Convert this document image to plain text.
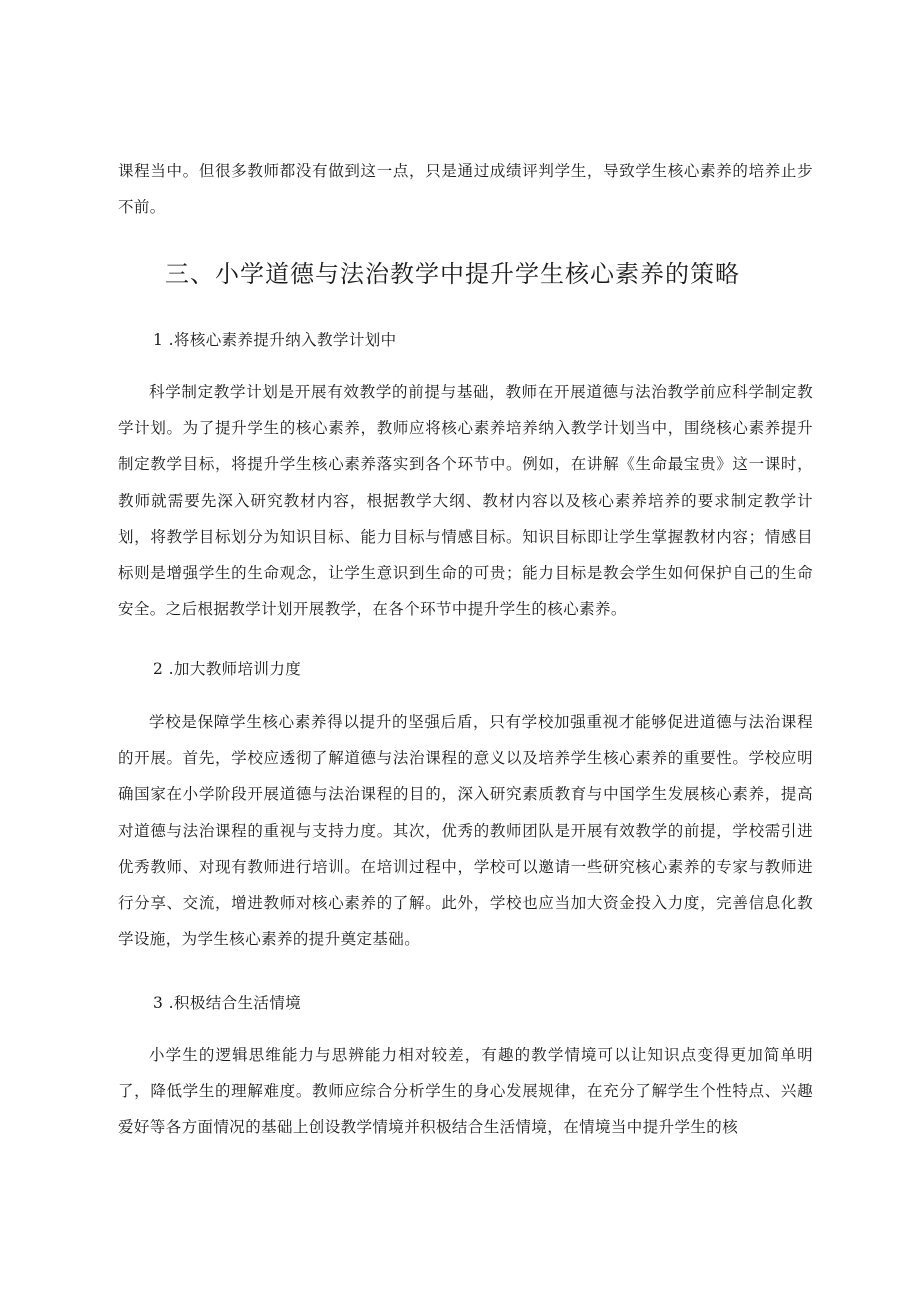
课程当中。但很多教师都没有做到这一点，只是通过成绩评判学生，导致学生核心素养的培养止步不前。

三、小学道德与法治教学中提升学生核心素养的策略

1 .将核心素养提升纳入教学计划中

科学制定教学计划是开展有效教学的前提与基础，教师在开展道德与法治教学前应科学制定教学计划。为了提升学生的核心素养，教师应将核心素养培养纳入教学计划当中，围绕核心素养提升制定教学目标，将提升学生核心素养落实到各个环节中。例如，在讲解《生命最宝贵》这一课时，教师就需要先深入研究教材内容，根据教学大纲、教材内容以及核心素养培养的要求制定教学计划，将教学目标划分为知识目标、能力目标与情感目标。知识目标即让学生掌握教材内容；情感目标则是增强学生的生命观念，让学生意识到生命的可贵；能力目标是教会学生如何保护自己的生命安全。之后根据教学计划开展教学，在各个环节中提升学生的核心素养。

2 .加大教师培训力度

学校是保障学生核心素养得以提升的坚强后盾，只有学校加强重视才能够促进道德与法治课程的开展。首先，学校应透彻了解道德与法治课程的意义以及培养学生核心素养的重要性。学校应明确国家在小学阶段开展道德与法治课程的目的，深入研究素质教育与中国学生发展核心素养，提高对道德与法治课程的重视与支持力度。其次，优秀的教师团队是开展有效教学的前提，学校需引进优秀教师、对现有教师进行培训。在培训过程中，学校可以邀请一些研究核心素养的专家与教师进行分享、交流，增进教师对核心素养的了解。此外，学校也应当加大资金投入力度，完善信息化教学设施，为学生核心素养的提升奠定基础。

3 .积极结合生活情境

小学生的逻辑思维能力与思辨能力相对较差，有趣的教学情境可以让知识点变得更加简单明了，降低学生的理解难度。教师应综合分析学生的身心发展规律，在充分了解学生个性特点、兴趣爱好等各方面情况的基础上创设教学情境并积极结合生活情境，在情境当中提升学生的核
